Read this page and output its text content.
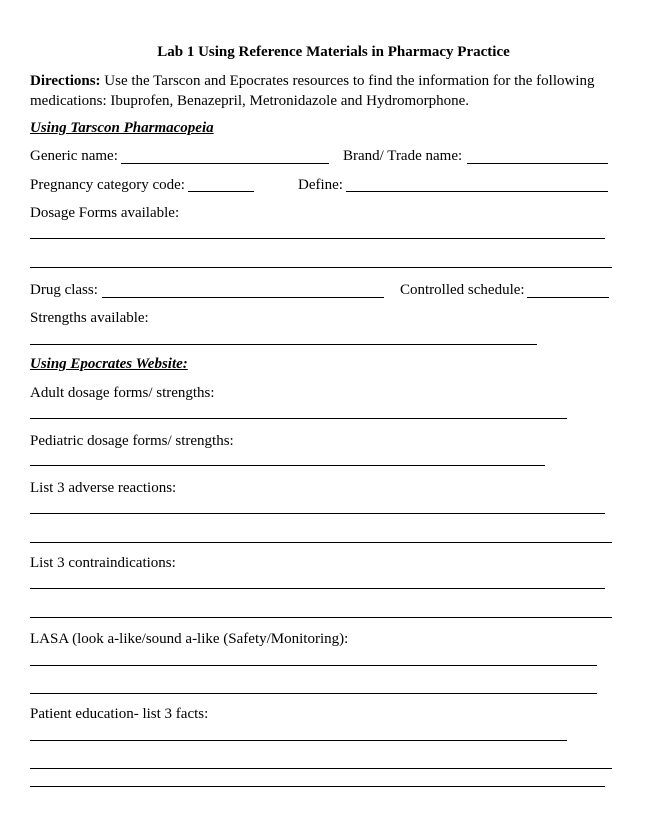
Lab 1 Using Reference Materials in Pharmacy Practice
Directions: Use the Tarscon and Epocrates resources to find the information for the following medications: Ibuprofen, Benazepril, Metronidazole and Hydromorphone.
Using Tarscon Pharmacopeia
Generic name:	Brand/ Trade name:
Pregnancy category code:	Define:
Dosage Forms available:
Drug class:	Controlled schedule:
Strengths available:
Using Epocrates Website:
Adult dosage forms/ strengths:
Pediatric dosage forms/ strengths:
List 3 adverse reactions:
List 3 contraindications:
LASA (look a-like/sound a-like (Safety/Monitoring):
Patient education- list 3 facts:
